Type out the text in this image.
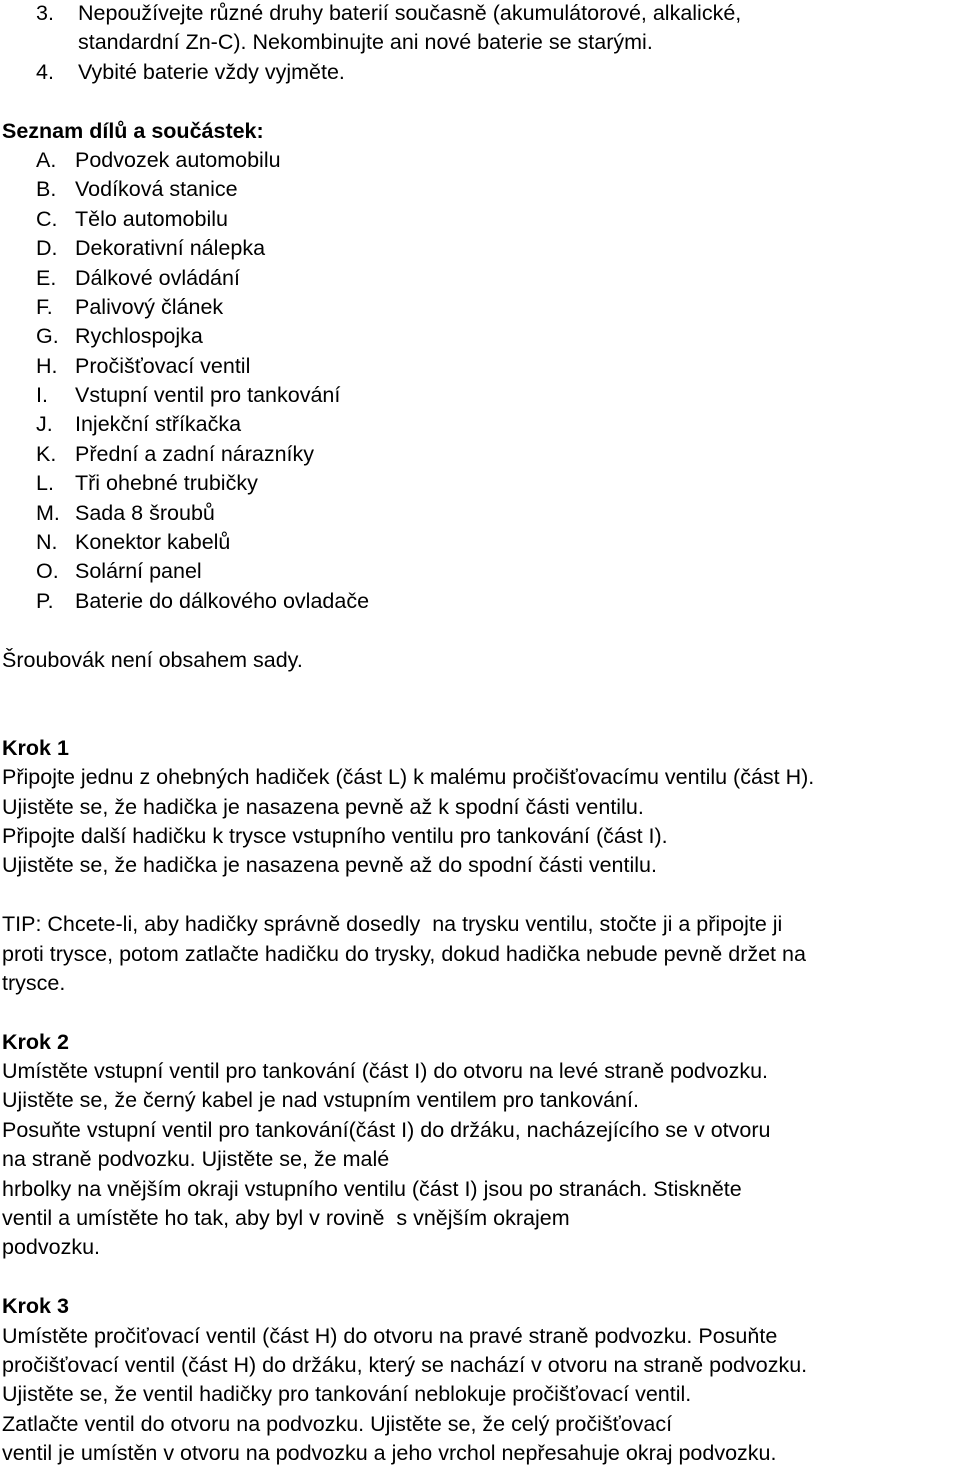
3. Nepoužívejte různé druhy baterií současně (akumulátorové, alkalické,
standardní Zn-C). Nekombinujte ani nové baterie se starými.
4. Vybité baterie vždy vyjměte.
Seznam dílů a součástek:
A. Podvozek automobilu
B. Vodíková stanice
C. Tělo automobilu
D. Dekorativní nálepka
E. Dálkové ovládání
F. Palivový článek
G. Rychlospojka
H. Pročišťovací ventil
I. Vstupní ventil pro tankování
J. Injekční stříkačka
K. Přední a zadní nárazníky
L. Tři ohebné trubičky
M. Sada 8 šroubů
N. Konektor kabelů
O. Solární panel
P. Baterie do dálkového ovladače
Šroubovák není obsahem sady.
Krok 1
Připojte jednu z ohebných hadiček (část L) k malému pročišťovacímu ventilu (část H).
Ujistěte se, že hadička je nasazena pevně až k spodní části ventilu.
Připojte další hadičku k trysce vstupního ventilu pro tankování (část I).
Ujistěte se, že hadička je nasazena pevně až do spodní části ventilu.
TIP: Chcete-li, aby hadičky správně dosedly  na trysku ventilu, stočte ji a připojte ji
proti trysce, potom zatlačte hadičku do trysky, dokud hadička nebude pevně držet na
trysce.
Krok 2
Umístěte vstupní ventil pro tankování (část I) do otvoru na levé straně podvozku.
Ujistěte se, že černý kabel je nad vstupním ventilem pro tankování.
Posuňte vstupní ventil pro tankování(část I) do držáku, nacházejícího se v otvoru
na straně podvozku. Ujistěte se, že malé
hrbolky na vnějším okraji vstupního ventilu (část I) jsou po stranách. Stiskněte
ventil a umístěte ho tak, aby byl v rovině  s vnějším okrajem
podvozku.
Krok 3
Umístěte pročiťovací ventil (část H) do otvoru na pravé straně podvozku. Posuňte
pročišťovací ventil (část H) do držáku, který se nachází v otvoru na straně podvozku.
Ujistěte se, že ventil hadičky pro tankování neblokuje pročišťovací ventil.
Zatlačte ventil do otvoru na podvozku. Ujistěte se, že celý pročišťovací
ventil je umístěn v otvoru na podvozku a jeho vrchol nepřesahuje okraj podvozku.
